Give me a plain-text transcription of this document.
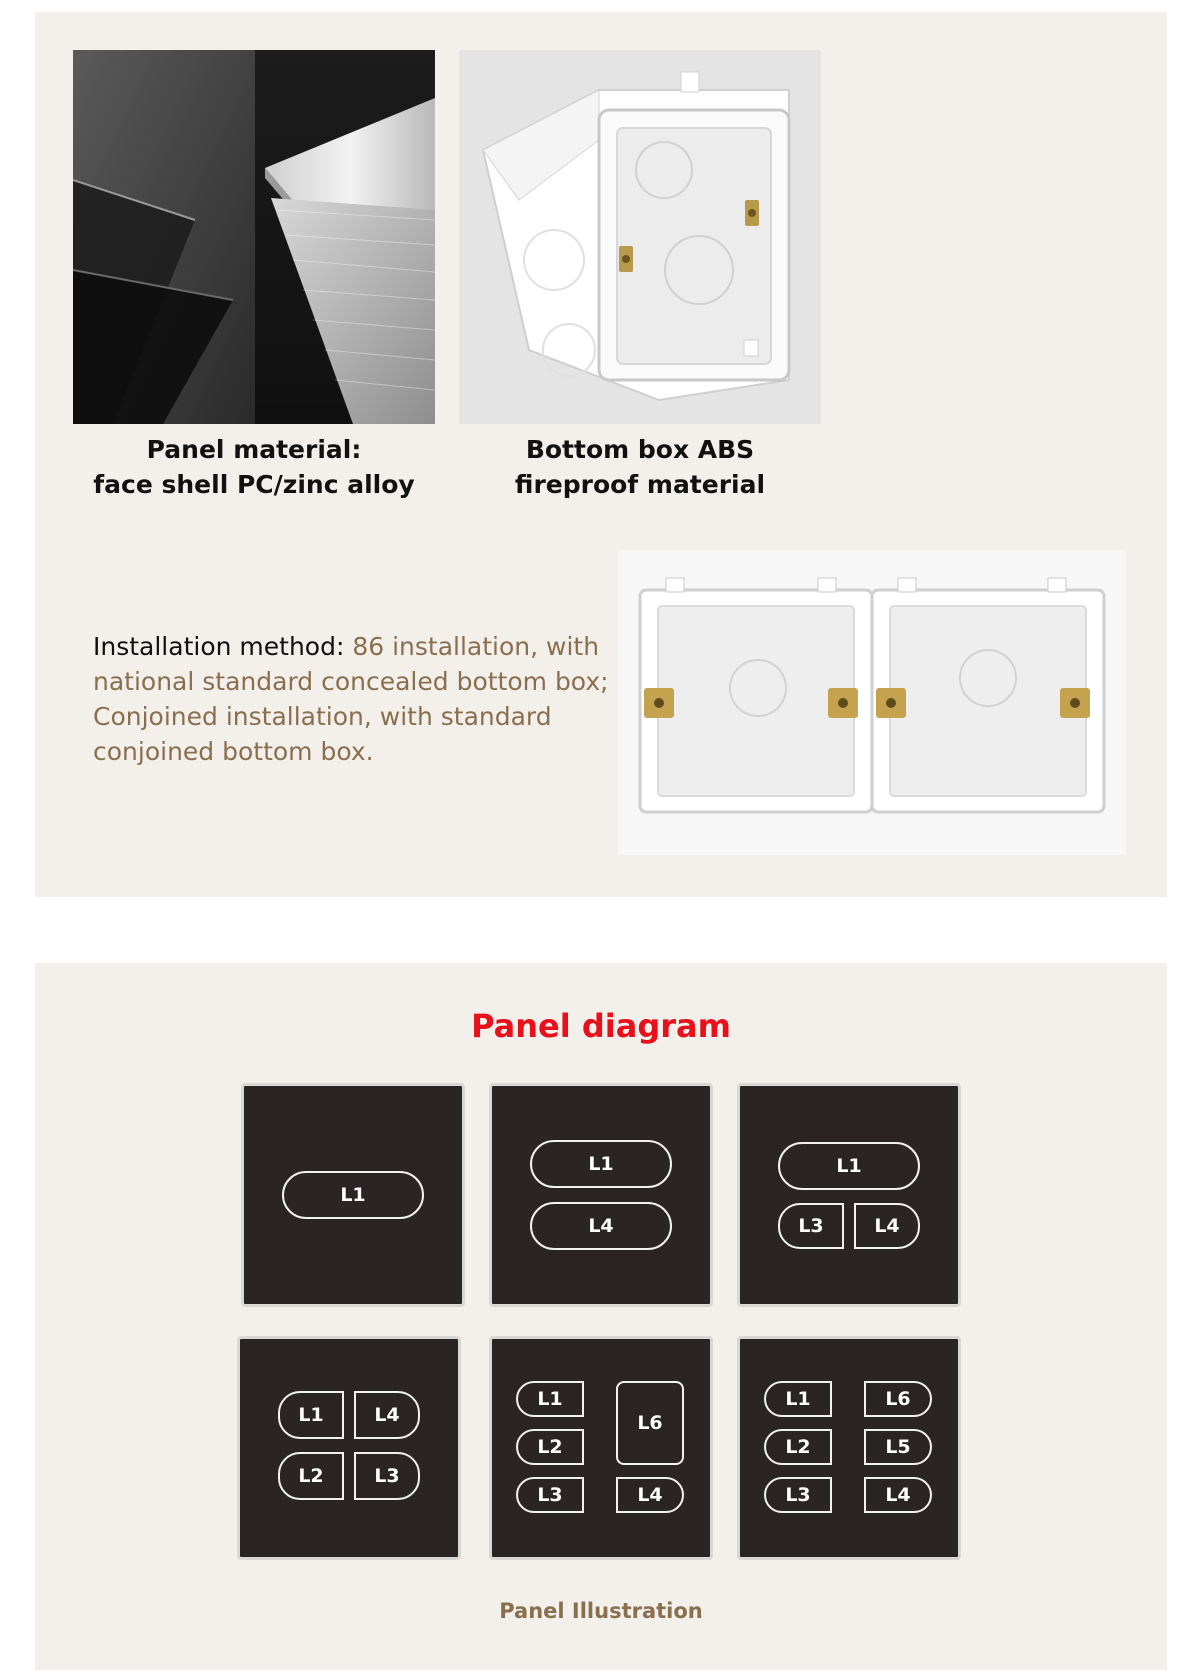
Panel material:
face shell PC/zinc alloy
Bottom box ABS
fireproof material
Installation method: 86 installation, with national standard concealed bottom box; Conjoined installation, with standard conjoined bottom box.
Panel diagram
L1
L1
L4
L1
L3	L4
L1	L4
L2	L3
L1
L2
L3
L6
L4
L1
L2
L3
L6
L5
L4
Panel Illustration
